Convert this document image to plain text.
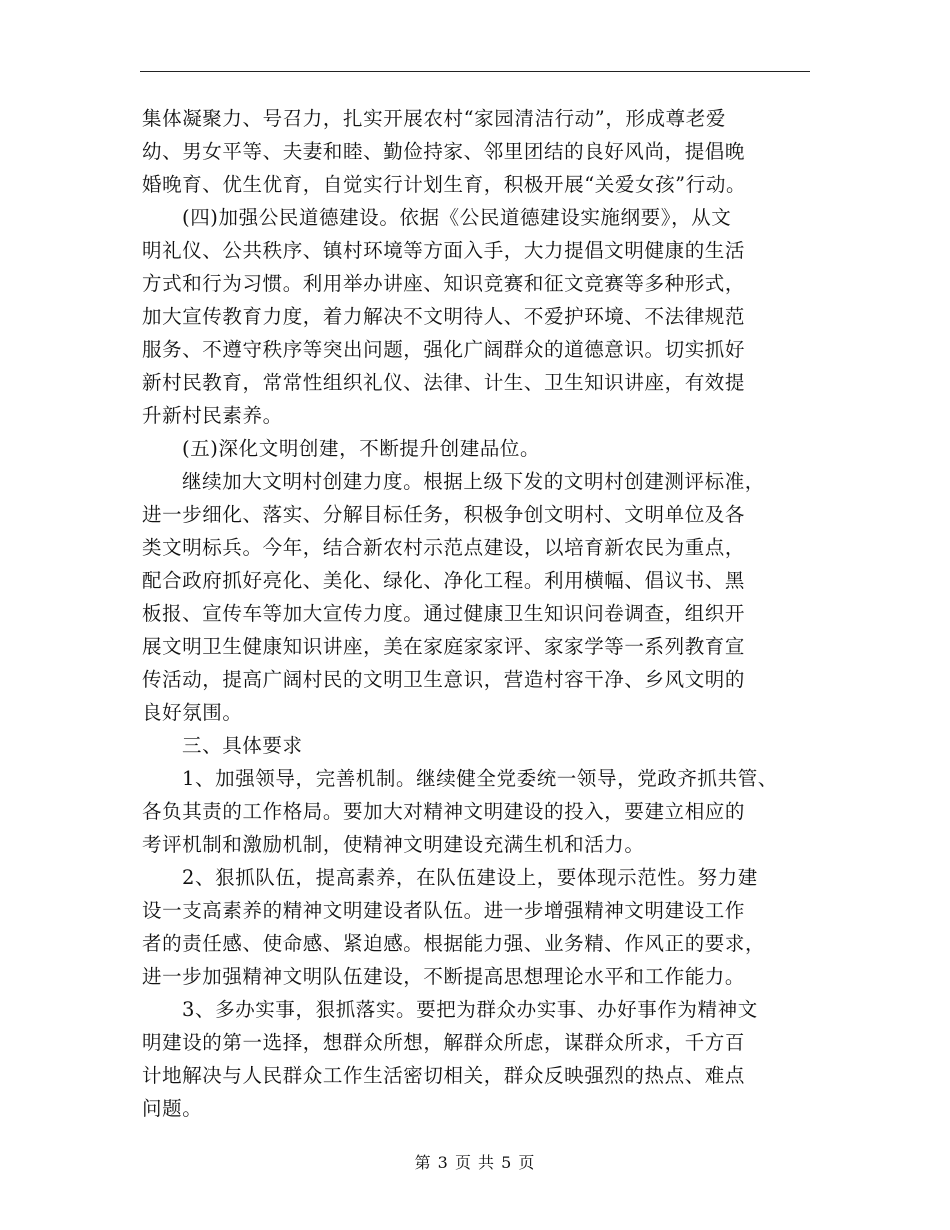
集体凝聚力、号召力，扎实开展农村“家园清洁行动”，形成尊老爱
幼、男女平等、夫妻和睦、勤俭持家、邻里团结的良好风尚，提倡晚
婚晚育、优生优育，自觉实行计划生育，积极开展“关爱女孩”行动。
(四)加强公民道德建设。依据《公民道德建设实施纲要》，从文
明礼仪、公共秩序、镇村环境等方面入手，大力提倡文明健康的生活
方式和行为习惯。利用举办讲座、知识竞赛和征文竞赛等多种形式，
加大宣传教育力度，着力解决不文明待人、不爱护环境、不法律规范
服务、不遵守秩序等突出问题，强化广阔群众的道德意识。切实抓好
新村民教育，常常性组织礼仪、法律、计生、卫生知识讲座，有效提
升新村民素养。
(五)深化文明创建，不断提升创建品位。
继续加大文明村创建力度。根据上级下发的文明村创建测评标准，
进一步细化、落实、分解目标任务，积极争创文明村、文明单位及各
类文明标兵。今年，结合新农村示范点建设，以培育新农民为重点，
配合政府抓好亮化、美化、绿化、净化工程。利用横幅、倡议书、黑
板报、宣传车等加大宣传力度。通过健康卫生知识问卷调查，组织开
展文明卫生健康知识讲座，美在家庭家家评、家家学等一系列教育宣
传活动，提高广阔村民的文明卫生意识，营造村容干净、乡风文明的
良好氛围。
三、具体要求
1、加强领导，完善机制。继续健全党委统一领导，党政齐抓共管、
各负其责的工作格局。要加大对精神文明建设的投入，要建立相应的
考评机制和激励机制，使精神文明建设充满生机和活力。
2、狠抓队伍，提高素养，在队伍建设上，要体现示范性。努力建
设一支高素养的精神文明建设者队伍。进一步增强精神文明建设工作
者的责任感、使命感、紧迫感。根据能力强、业务精、作风正的要求，
进一步加强精神文明队伍建设，不断提高思想理论水平和工作能力。
3、多办实事，狠抓落实。要把为群众办实事、办好事作为精神文
明建设的第一选择，想群众所想，解群众所虑，谋群众所求，千方百
计地解决与人民群众工作生活密切相关，群众反映强烈的热点、难点
问题。
第 3 页 共 5 页
